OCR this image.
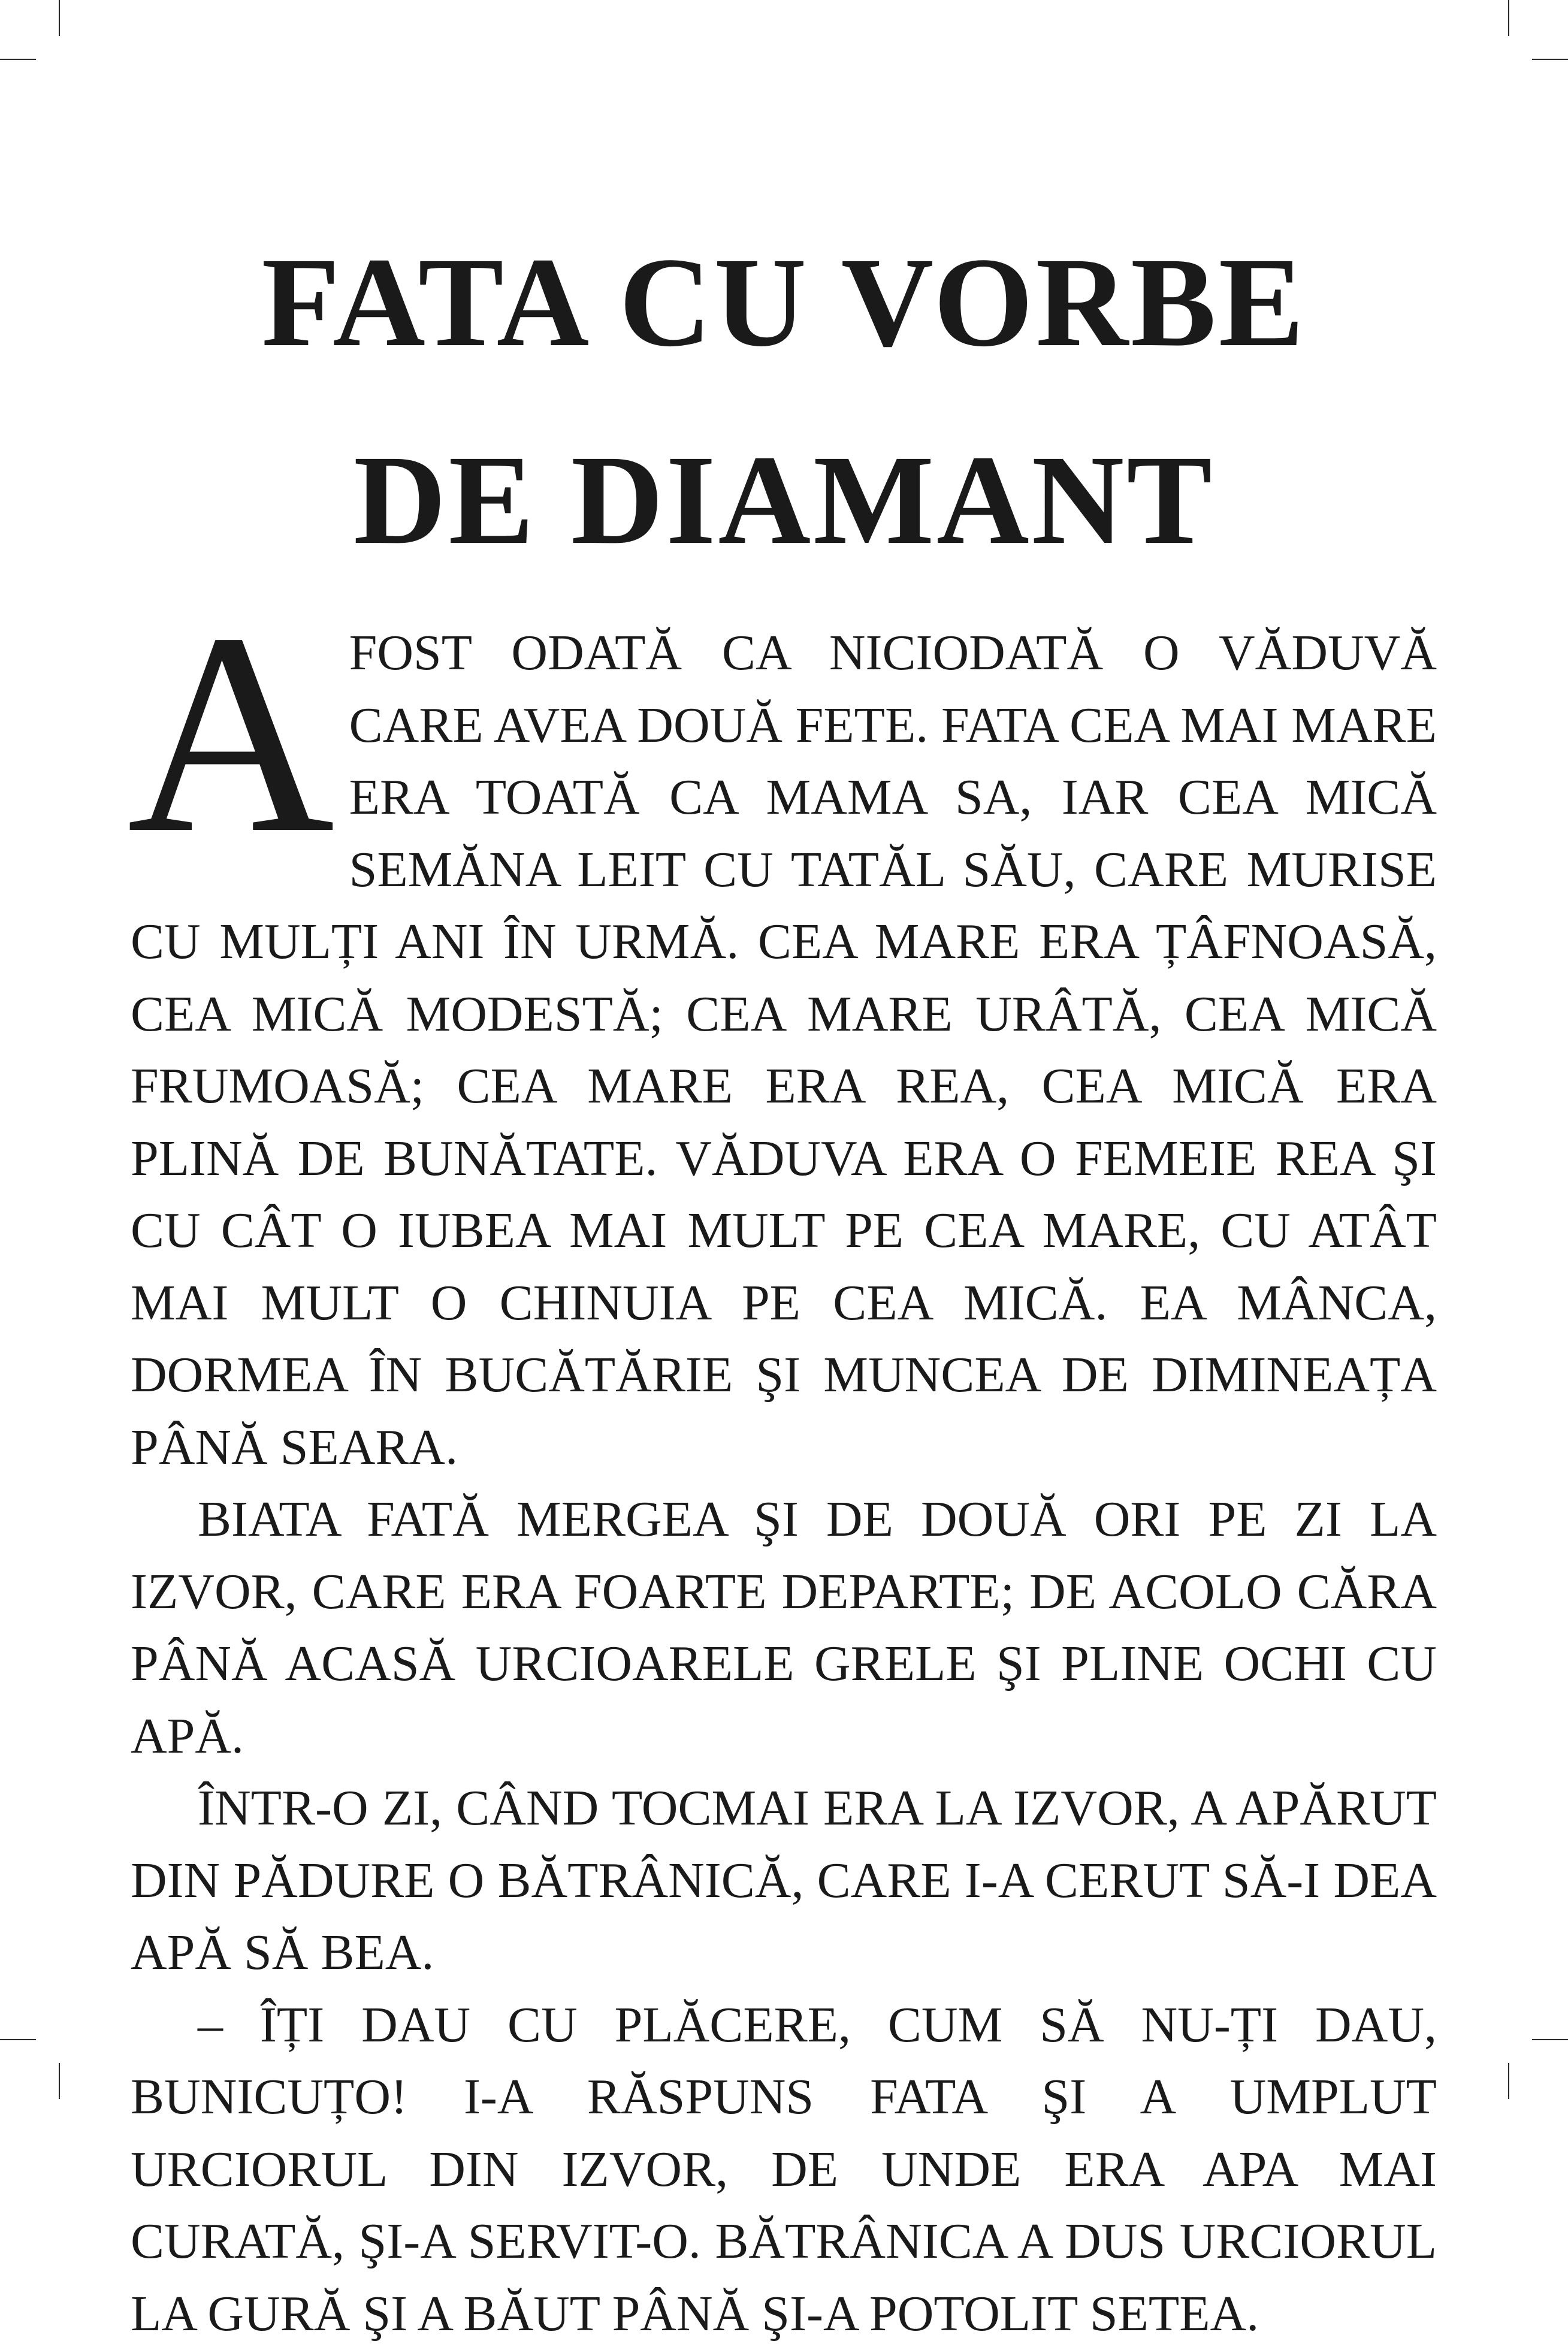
FATA CU VORBE
DE DIAMANT

A FOST ODATĂ CA NICIODATĂ O VĂDUVĂ CARE AVEA DOUĂ FETE. FATA CEA MAI MARE ERA TOATĂ CA MAMA SA, IAR CEA MICĂ SEMĂNA LEIT CU TATĂL SĂU, CARE MURISE CU MULȚI ANI ÎN URMĂ. CEA MARE ERA ȚÂFNOASĂ, CEA MICĂ MODESTĂ; CEA MARE URÂTĂ, CEA MICĂ FRUMOASĂ; CEA MARE ERA REA, CEA MICĂ ERA PLINĂ DE BUNĂTATE. VĂDUVA ERA O FEMEIE REA ŞI CU CÂT O IUBEA MAI MULT PE CEA MARE, CU ATÂT MAI MULT O CHINUIA PE CEA MICĂ. EA MÂNCA, DORMEA ÎN BUCĂTĂRIE ŞI MUNCEA DE DIMINEAȚA PÂNĂ SEARA.

BIATA FATĂ MERGEA ŞI DE DOUĂ ORI PE ZI LA IZVOR, CARE ERA FOARTE DEPARTE; DE ACOLO CĂRA PÂNĂ ACASĂ URCIOARELE GRELE ŞI PLINE OCHI CU APĂ.

ÎNTR-O ZI, CÂND TOCMAI ERA LA IZVOR, A APĂRUT DIN PĂDURE O BĂTRÂNICĂ, CARE I-A CERUT SĂ-I DEA APĂ SĂ BEA.

– ÎȚI DAU CU PLĂCERE, CUM SĂ NU-ȚI DAU, BUNICUȚO! I-A RĂSPUNS FATA ŞI A UMPLUT URCIORUL DIN IZVOR, DE UNDE ERA APA MAI CURATĂ, ŞI-A SERVIT-O. BĂTRÂNICA A DUS URCIORUL LA GURĂ ŞI A BĂUT PÂNĂ ŞI-A POTOLIT SETEA.
